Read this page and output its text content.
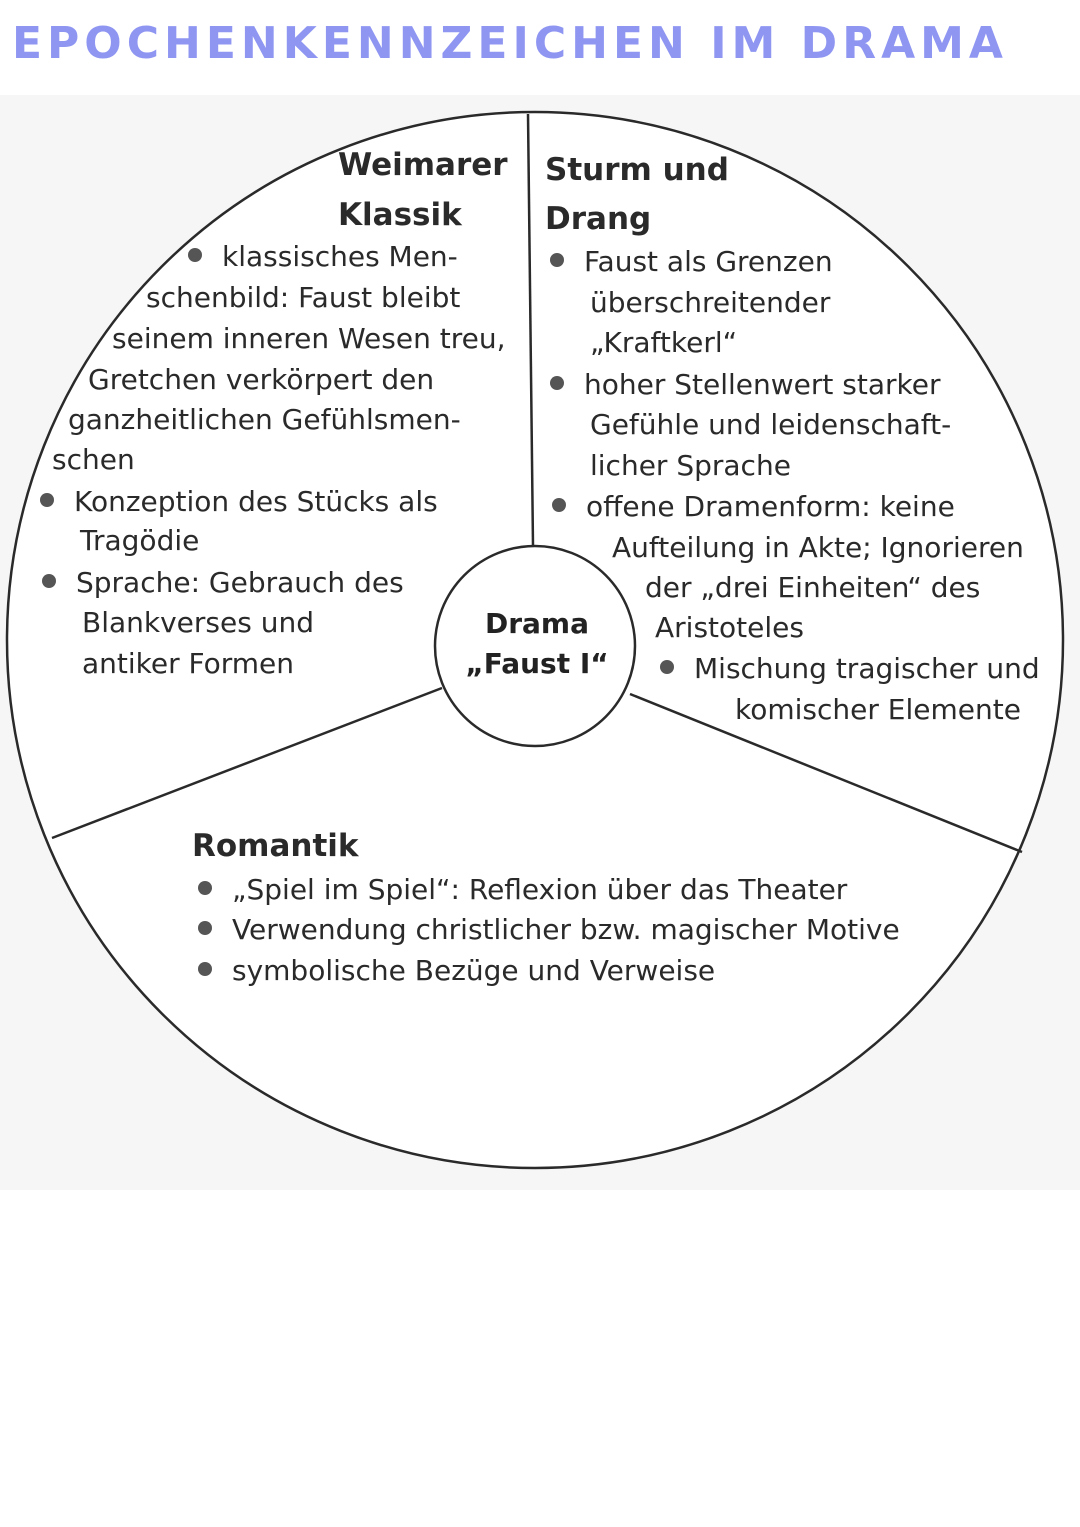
EPOCHENKENNZEICHEN IM DRAMA
Drama
„Faust I“
Weimarer
Klassik
klassisches Men-
schenbild: Faust bleibt
seinem inneren Wesen treu,
Gretchen verkörpert den
ganzheitlichen Gefühlsmen-
schen
Konzeption des Stücks als
Tragödie
Sprache: Gebrauch des
Blankverses und
antiker Formen
Sturm und
Drang
Faust als Grenzen
überschreitender
„Kraftkerl“
hoher Stellenwert starker
Gefühle und leidenschaft-
licher Sprache
offene Dramenform: keine
Aufteilung in Akte; Ignorieren
der „drei Einheiten“ des
Aristoteles
Mischung tragischer und
komischer Elemente
Romantik
„Spiel im Spiel“: Reflexion über das Theater
Verwendung christlicher bzw. magischer Motive
symbolische Bezüge und Verweise
